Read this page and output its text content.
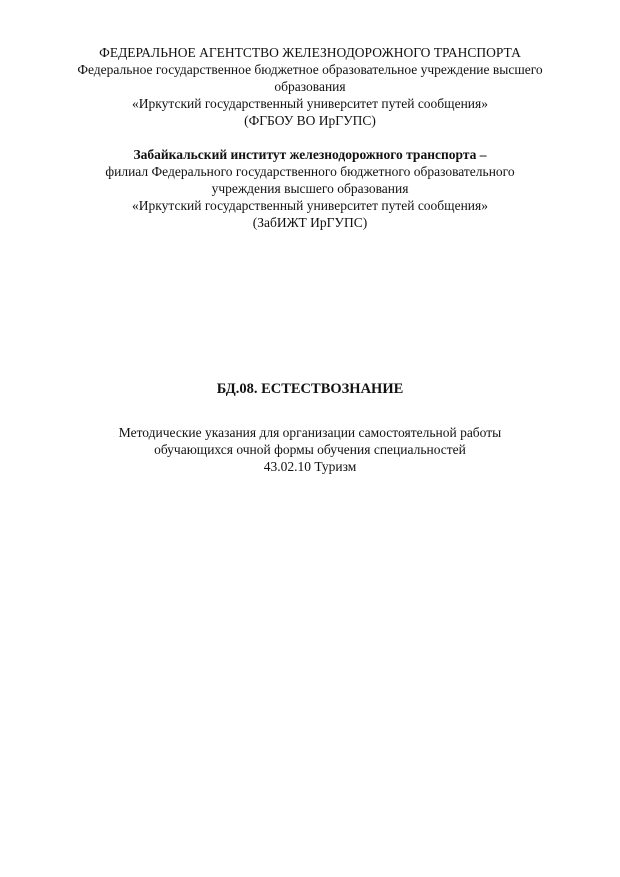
ФЕДЕРАЛЬНОЕ АГЕНТСТВО ЖЕЛЕЗНОДОРОЖНОГО ТРАНСПОРТА
Федеральное государственное бюджетное образовательное учреждение высшего
образования
«Иркутский государственный университет путей сообщения»
(ФГБОУ ВО ИрГУПС)
Забайкальский институт железнодорожного транспорта –
филиал Федерального государственного бюджетного образовательного
учреждения высшего образования
«Иркутский государственный университет путей сообщения»
(ЗабИЖТ ИрГУПС)
БД.08. ЕСТЕСТВОЗНАНИЕ
Методические указания для организации самостоятельной работы
обучающихся очной формы обучения специальностей
43.02.10 Туризм
